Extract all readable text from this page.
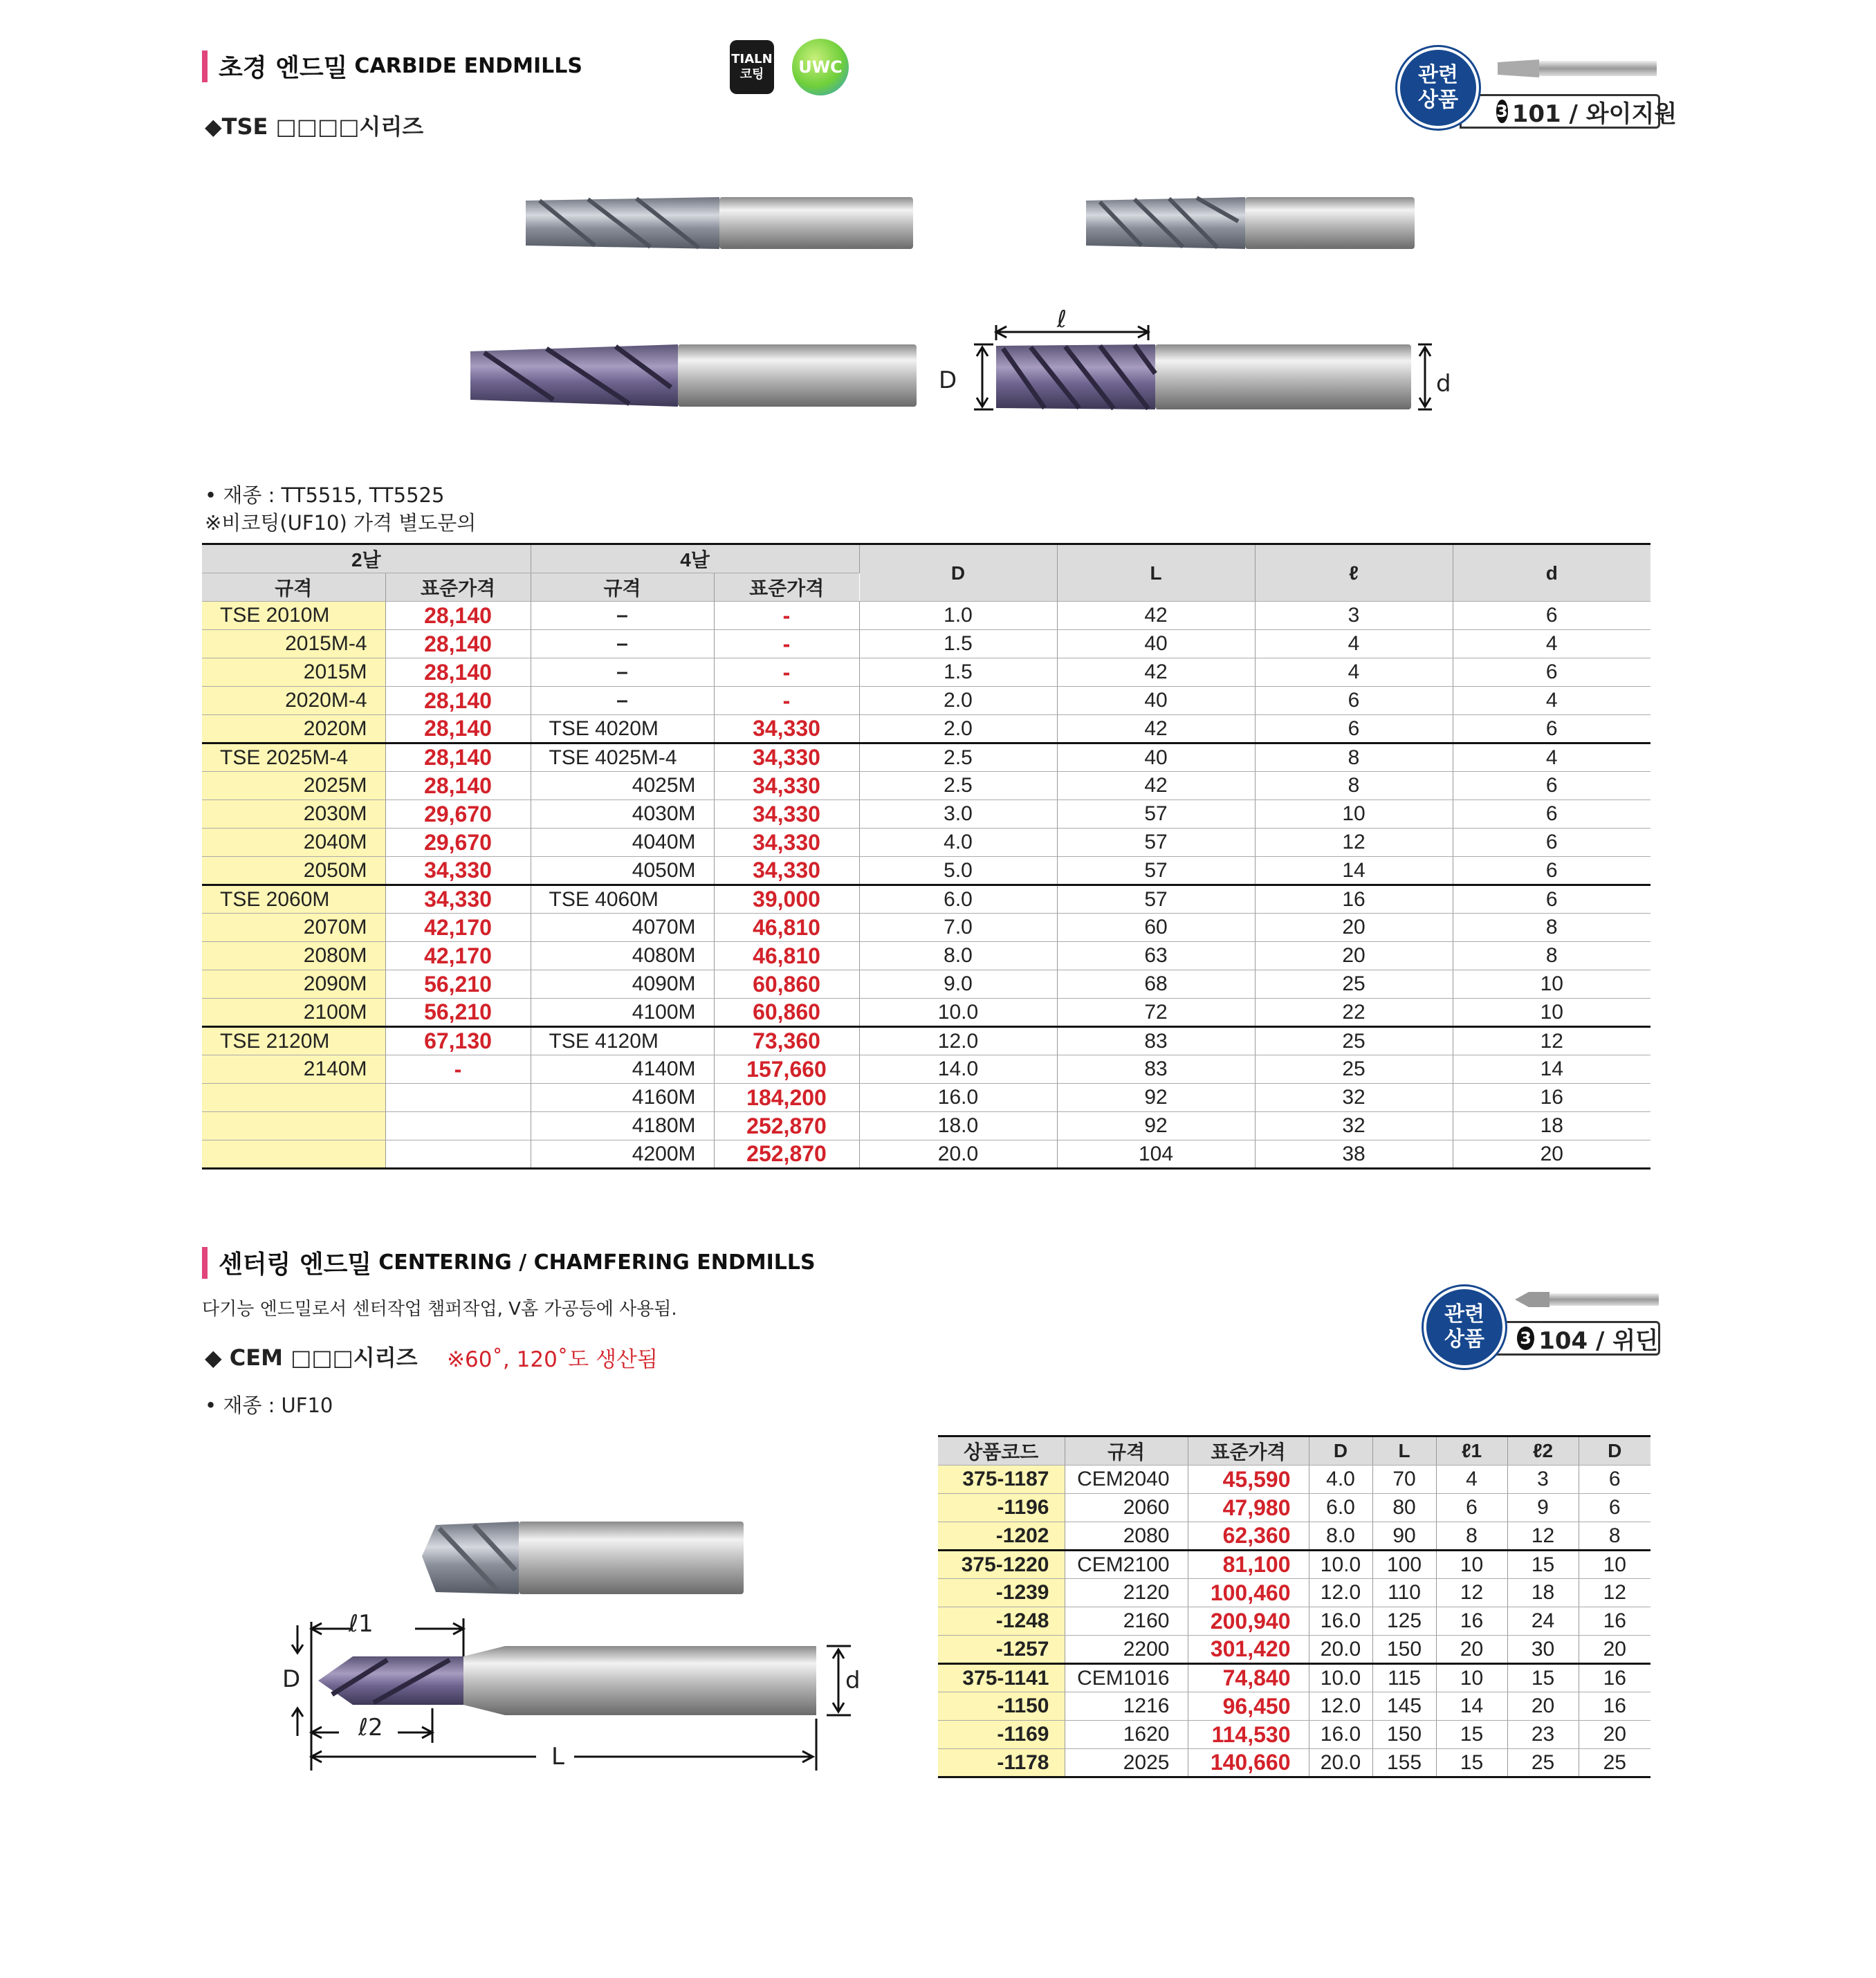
초경 엔드밀 CARBIDE ENDMILLS	TIALN
코팅 UWC
◆TSE □□□□시리즈
관련
상품 3 101 / 와이지원
ℓ
D	d
• 재종 : TT5515, TT5525
※비코팅(UF10) 가격 별도문의
2날		4날		D	L	ℓ	d
규격	표준가격	규격	표준가격				
TSE 2010M	28,140	–	-	1.0	42	3	6
2015M-4	28,140	–	-	1.5	40	4	4
2015M	28,140	–	-	1.5	42	4	6
2020M-4	28,140	–	-	2.0	40	6	4
2020M	28,140	TSE 4020M	34,330	2.0	42	6	6
TSE 2025M-4	28,140	TSE 4025M-4	34,330	2.5	40	8	4
2025M	28,140	4025M	34,330	2.5	42	8	6
2030M	29,670	4030M	34,330	3.0	57	10	6
2040M	29,670	4040M	34,330	4.0	57	12	6
2050M	34,330	4050M	34,330	5.0	57	14	6
TSE 2060M	34,330	TSE 4060M	39,000	6.0	57	16	6
2070M	42,170	4070M	46,810	7.0	60	20	8
2080M	42,170	4080M	46,810	8.0	63	20	8
2090M	56,210	4090M	60,860	9.0	68	25	10
2100M	56,210	4100M	60,860	10.0	72	22	10
TSE 2120M	67,130	TSE 4120M	73,360	12.0	83	25	12
2140M	-	4140M	157,660	14.0	83	25	14
		4160M	184,200	16.0	92	32	16
		4180M	252,870	18.0	92	32	18
		4200M	252,870	20.0	104	38	20
센터링 엔드밀 CENTERING / CHAMFERING ENDMILLS
다기능 엔드밀로서 센터작업 챔퍼작업, V홈 가공등에 사용됨.
◆ CEM □□□시리즈 ※60˚, 120˚도 생산됨
• 재종 : UF10
관련
상품 3 104 / 위딘
ℓ1
D
ℓ2
d
L
상품코드	규격	표준가격	D	L	ℓ1	ℓ2	D
375-1187	CEM2040	45,590	4.0	70	4	3	6
-1196	2060	47,980	6.0	80	6	9	6
-1202	2080	62,360	8.0	90	8	12	8
375-1220	CEM2100	81,100	10.0	100	10	15	10
-1239	2120	100,460	12.0	110	12	18	12
-1248	2160	200,940	16.0	125	16	24	16
-1257	2200	301,420	20.0	150	20	30	20
375-1141	CEM1016	74,840	10.0	115	10	15	16
-1150	1216	96,450	12.0	145	14	20	16
-1169	1620	114,530	16.0	150	15	23	20
-1178	2025	140,660	20.0	155	15	25	25
